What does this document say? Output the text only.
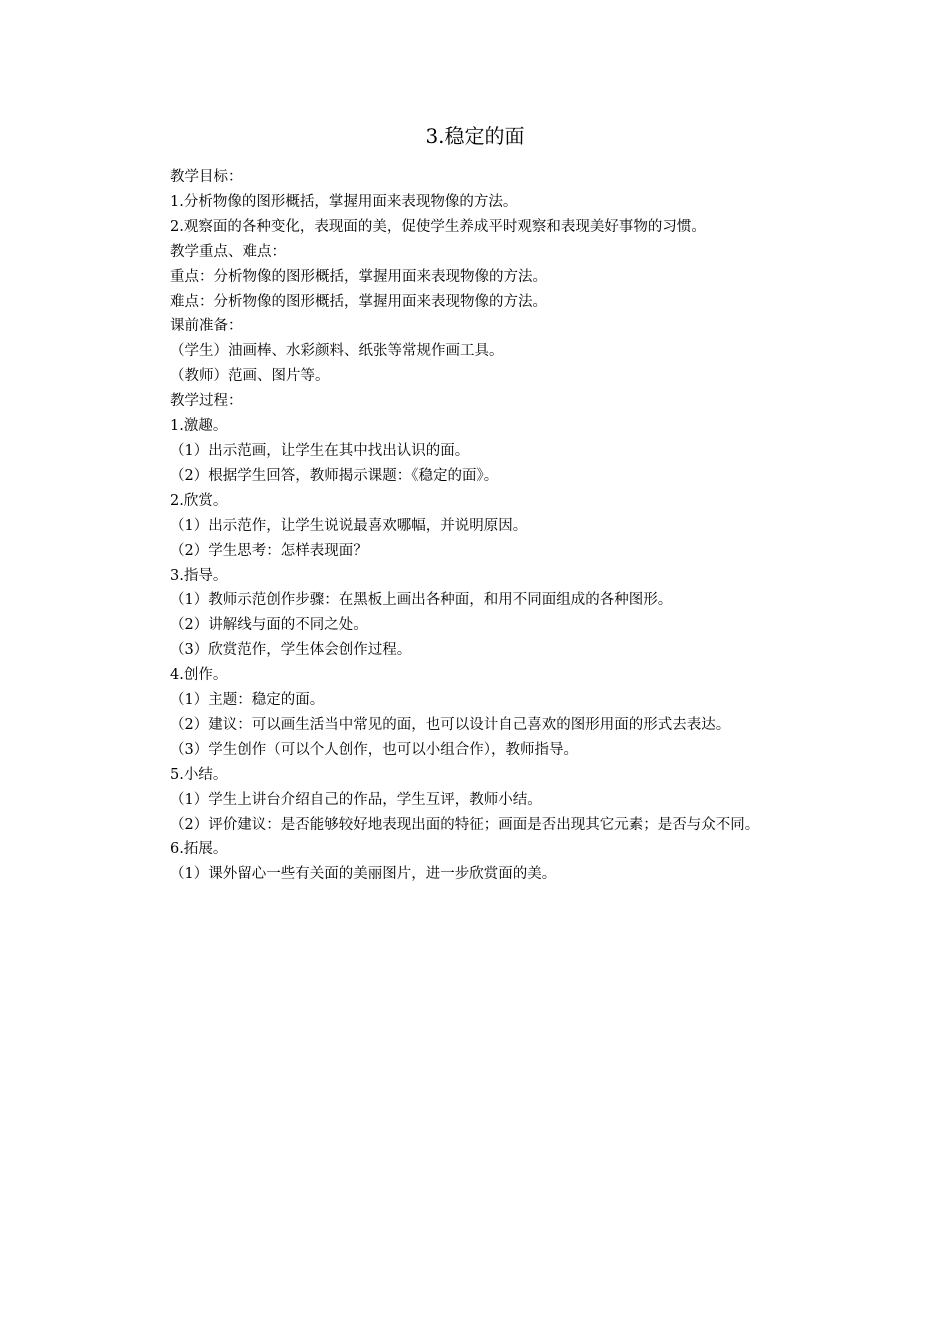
3.稳定的面
教学目标：
1.分析物像的图形概括，掌握用面来表现物像的方法。
2.观察面的各种变化，表现面的美，促使学生养成平时观察和表现美好事物的习惯。
教学重点、难点：
重点：分析物像的图形概括，掌握用面来表现物像的方法。
难点：分析物像的图形概括，掌握用面来表现物像的方法。
课前准备：
（学生）油画棒、水彩颜料、纸张等常规作画工具。
（教师）范画、图片等。
教学过程：
1.激趣。
（1）出示范画，让学生在其中找出认识的面。
（2）根据学生回答，教师揭示课题：《稳定的面》。
2.欣赏。
（1）出示范作，让学生说说最喜欢哪幅，并说明原因。
（2）学生思考：怎样表现面？
3.指导。
（1）教师示范创作步骤：在黑板上画出各种面，和用不同面组成的各种图形。
（2）讲解线与面的不同之处。
（3）欣赏范作，学生体会创作过程。
4.创作。
（1）主题：稳定的面。
（2）建议：可以画生活当中常见的面，也可以设计自己喜欢的图形用面的形式去表达。
（3）学生创作（可以个人创作，也可以小组合作），教师指导。
5.小结。
（1）学生上讲台介绍自己的作品，学生互评，教师小结。
（2）评价建议：是否能够较好地表现出面的特征；画面是否出现其它元素；是否与众不同。
6.拓展。
（1）课外留心一些有关面的美丽图片，进一步欣赏面的美。
